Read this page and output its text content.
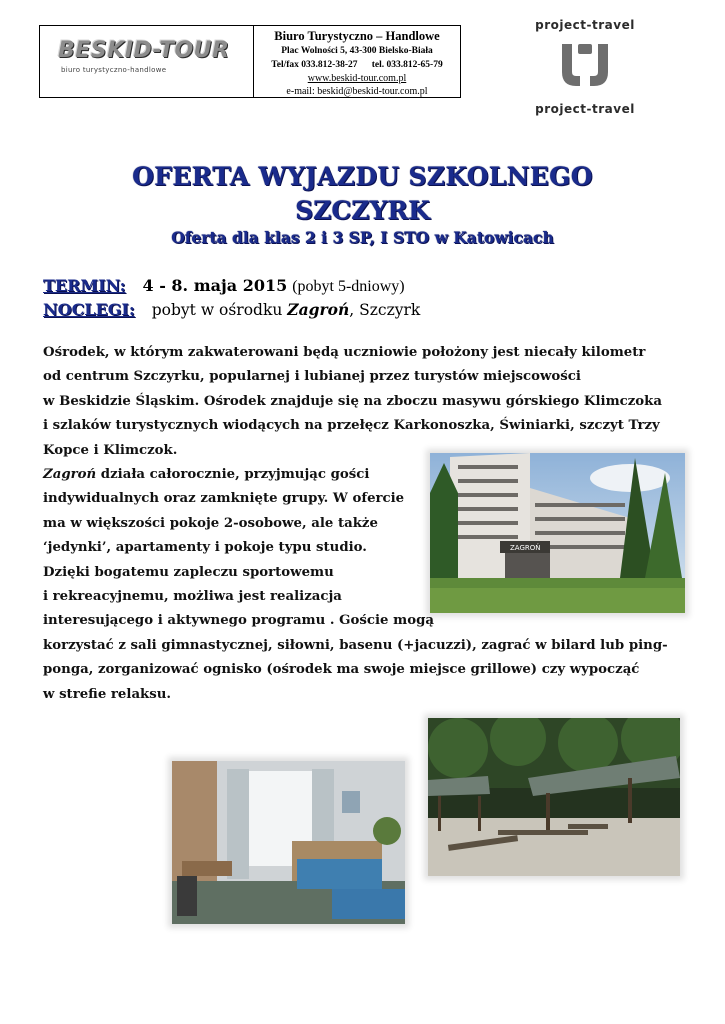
BESKID-TOUR
biuro turystyczno-handlowe
Biuro Turystyczno – Handlowe
Plac Wolności 5, 43-300 Bielsko-Biała
Tel/fax 033.812-38-27      tel. 033.812-65-79
www.beskid-tour.com.pl
e-mail: beskid@beskid-tour.com.pl
project-travel
project-travel
OFERTA WYJAZDU SZKOLNEGO
SZCZYRK
Oferta dla klas 2 i 3 SP, I STO w Katowicach
TERMIN: 4 - 8. maja 2015 (pobyt 5-dniowy)
NOCLEGI: pobyt w ośrodku Zagroń, Szczyrk

Ośrodek, w którym zakwaterowani będą uczniowie położony jest niecały kilometr
od centrum Szczyrku, popularnej i lubianej przez turystów miejscowości
w Beskidzie Śląskim. Ośrodek znajduje się na zboczu masywu górskiego Klimczoka
i szlaków turystycznych wiodących na przełęcz Karkonoszka, Świniarki, szczyt Trzy
Kopce i Klimczok.

Zagroń działa całorocznie, przyjmując gości
indywidualnych oraz zamknięte grupy. W ofercie
ma w większości pokoje 2-osobowe, ale także
‘jedynki’, apartamenty i pokoje typu studio.
Dzięki bogatemu zapleczu sportowemu
i rekreacyjnemu, możliwa jest realizacja
interesującego i aktywnego programu . Goście mogą
korzystać z sali gimnastycznej, siłowni, basenu (+jacuzzi), zagrać w bilard lub ping-
ponga, zorganizować ognisko (ośrodek ma swoje miejsce grillowe) czy wypocząć
w strefie relaksu.

ZAGROŃ
